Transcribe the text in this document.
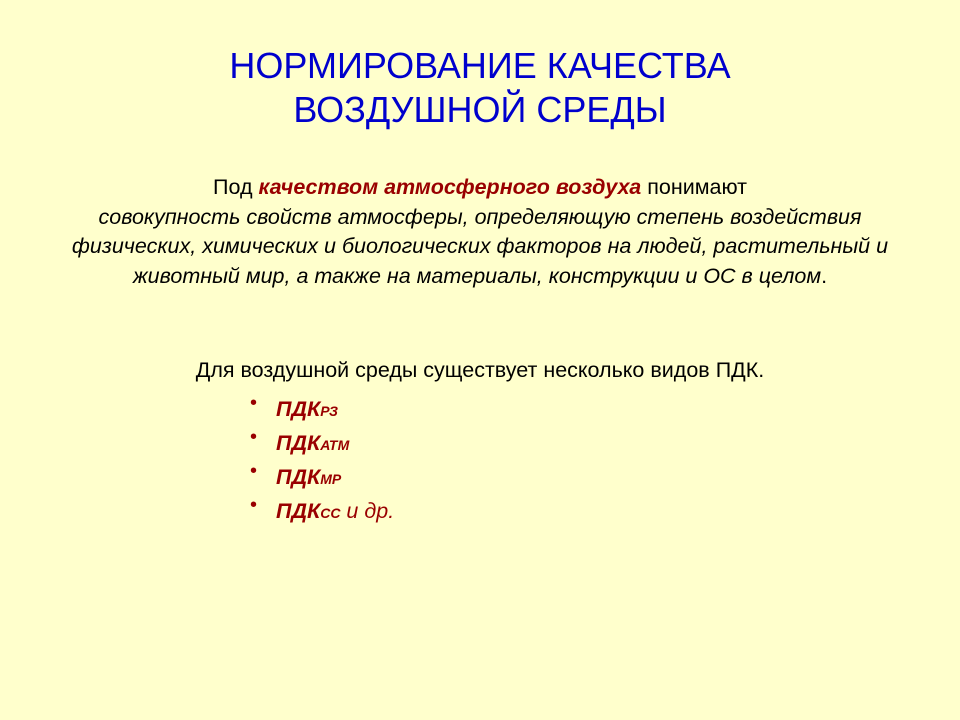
НОРМИРОВАНИЕ КАЧЕСТВА
ВОЗДУШНОЙ СРЕДЫ
Под качеством атмосферного воздуха понимают
совокупность свойств атмосферы, определяющую степень воздействия физических, химических и биологических факторов на людей, растительный и животный мир, а также на материалы, конструкции и ОС в целом.
Для воздушной среды существует несколько видов ПДК.
• ПДКРЗ
• ПДКАТМ
• ПДКМР
• ПДКСС и др.
